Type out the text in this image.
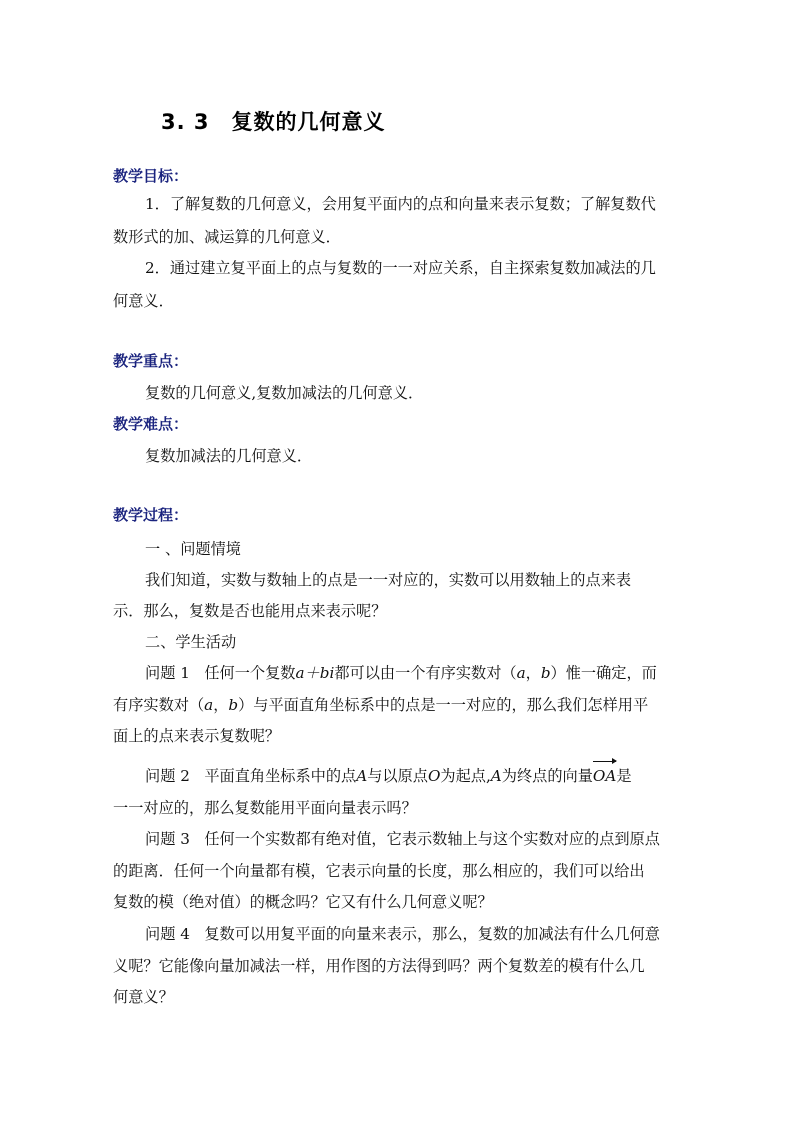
3. 3 复数的几何意义
教学目标：
1．了解复数的几何意义，会用复平面内的点和向量来表示复数；了解复数代
数形式的加、减运算的几何意义．
2．通过建立复平面上的点与复数的一一对应关系，自主探索复数加减法的几
何意义．
教学重点：
复数的几何意义,复数加减法的几何意义．
教学难点：
复数加减法的几何意义．
教学过程：
一 、问题情境
我们知道，实数与数轴上的点是一一对应的，实数可以用数轴上的点来表
示．那么，复数是否也能用点来表示呢？
二、学生活动
问题 1 任何一个复数a＋bi都可以由一个有序实数对（a，b）惟一确定，而
有序实数对（a，b）与平面直角坐标系中的点是一一对应的，那么我们怎样用平
面上的点来表示复数呢？
问题 2 平面直角坐标系中的点A与以原点O为起点,A为终点的向量OA是
一一对应的，那么复数能用平面向量表示吗？
问题 3 任何一个实数都有绝对值，它表示数轴上与这个实数对应的点到原点
的距离．任何一个向量都有模，它表示向量的长度，那么相应的，我们可以给出
复数的模（绝对值）的概念吗？它又有什么几何意义呢？
问题 4 复数可以用复平面的向量来表示，那么，复数的加减法有什么几何意
义呢？它能像向量加减法一样，用作图的方法得到吗？两个复数差的模有什么几
何意义？
